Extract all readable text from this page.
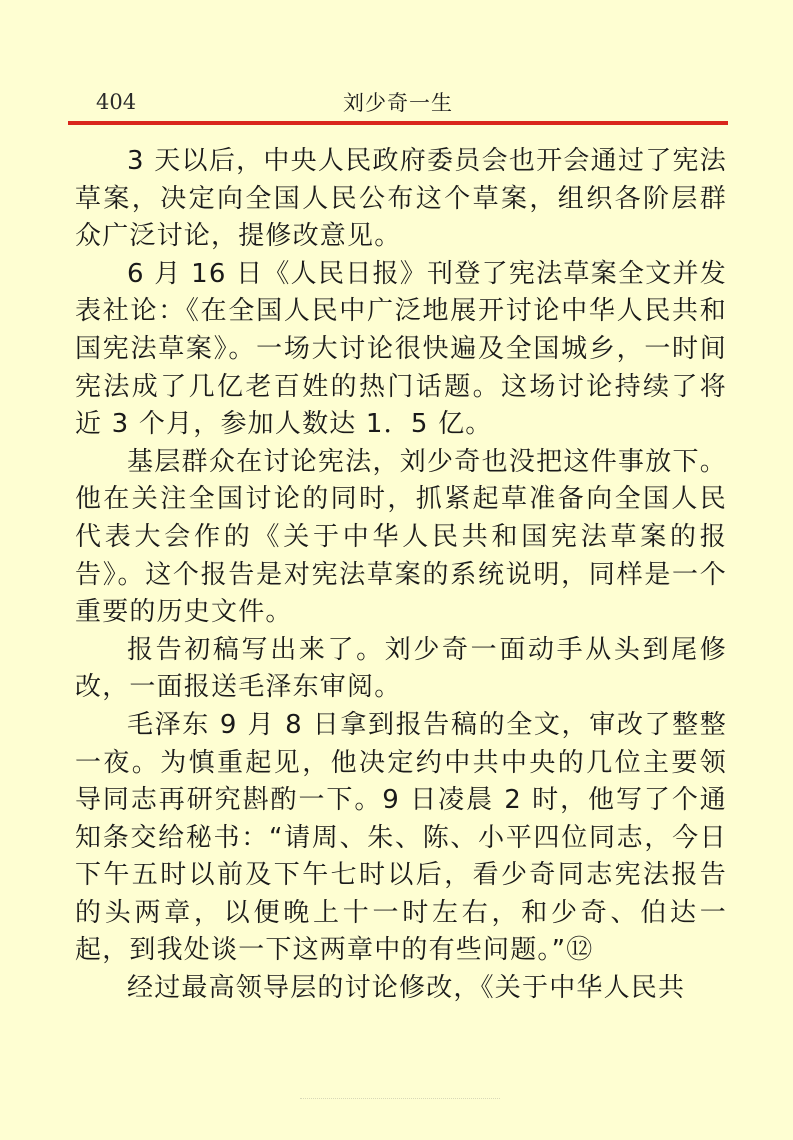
404	刘少奇一生

3 天以后，中央人民政府委员会也开会通过了宪法草案，决定向全国人民公布这个草案，组织各阶层群众广泛讨论，提修改意见。

6 月 16 日《人民日报》刊登了宪法草案全文并发表社论：《在全国人民中广泛地展开讨论中华人民共和国宪法草案》。一场大讨论很快遍及全国城乡，一时间宪法成了几亿老百姓的热门话题。这场讨论持续了将近 3 个月，参加人数达 1．5 亿。

基层群众在讨论宪法，刘少奇也没把这件事放下。他在关注全国讨论的同时，抓紧起草准备向全国人民代表大会作的《关于中华人民共和国宪法草案的报告》。这个报告是对宪法草案的系统说明，同样是一个重要的历史文件。

报告初稿写出来了。刘少奇一面动手从头到尾修改，一面报送毛泽东审阅。

毛泽东 9 月 8 日拿到报告稿的全文，审改了整整一夜。为慎重起见，他决定约中共中央的几位主要领导同志再研究斟酌一下。9 日凌晨 2 时，他写了个通知条交给秘书：“请周、朱、陈、小平四位同志，今日下午五时以前及下午七时以后，看少奇同志宪法报告的头两章，以便晚上十一时左右，和少奇、伯达一起，到我处谈一下这两章中的有些问题。”⑫

经过最高领导层的讨论修改，《关于中华人民共
